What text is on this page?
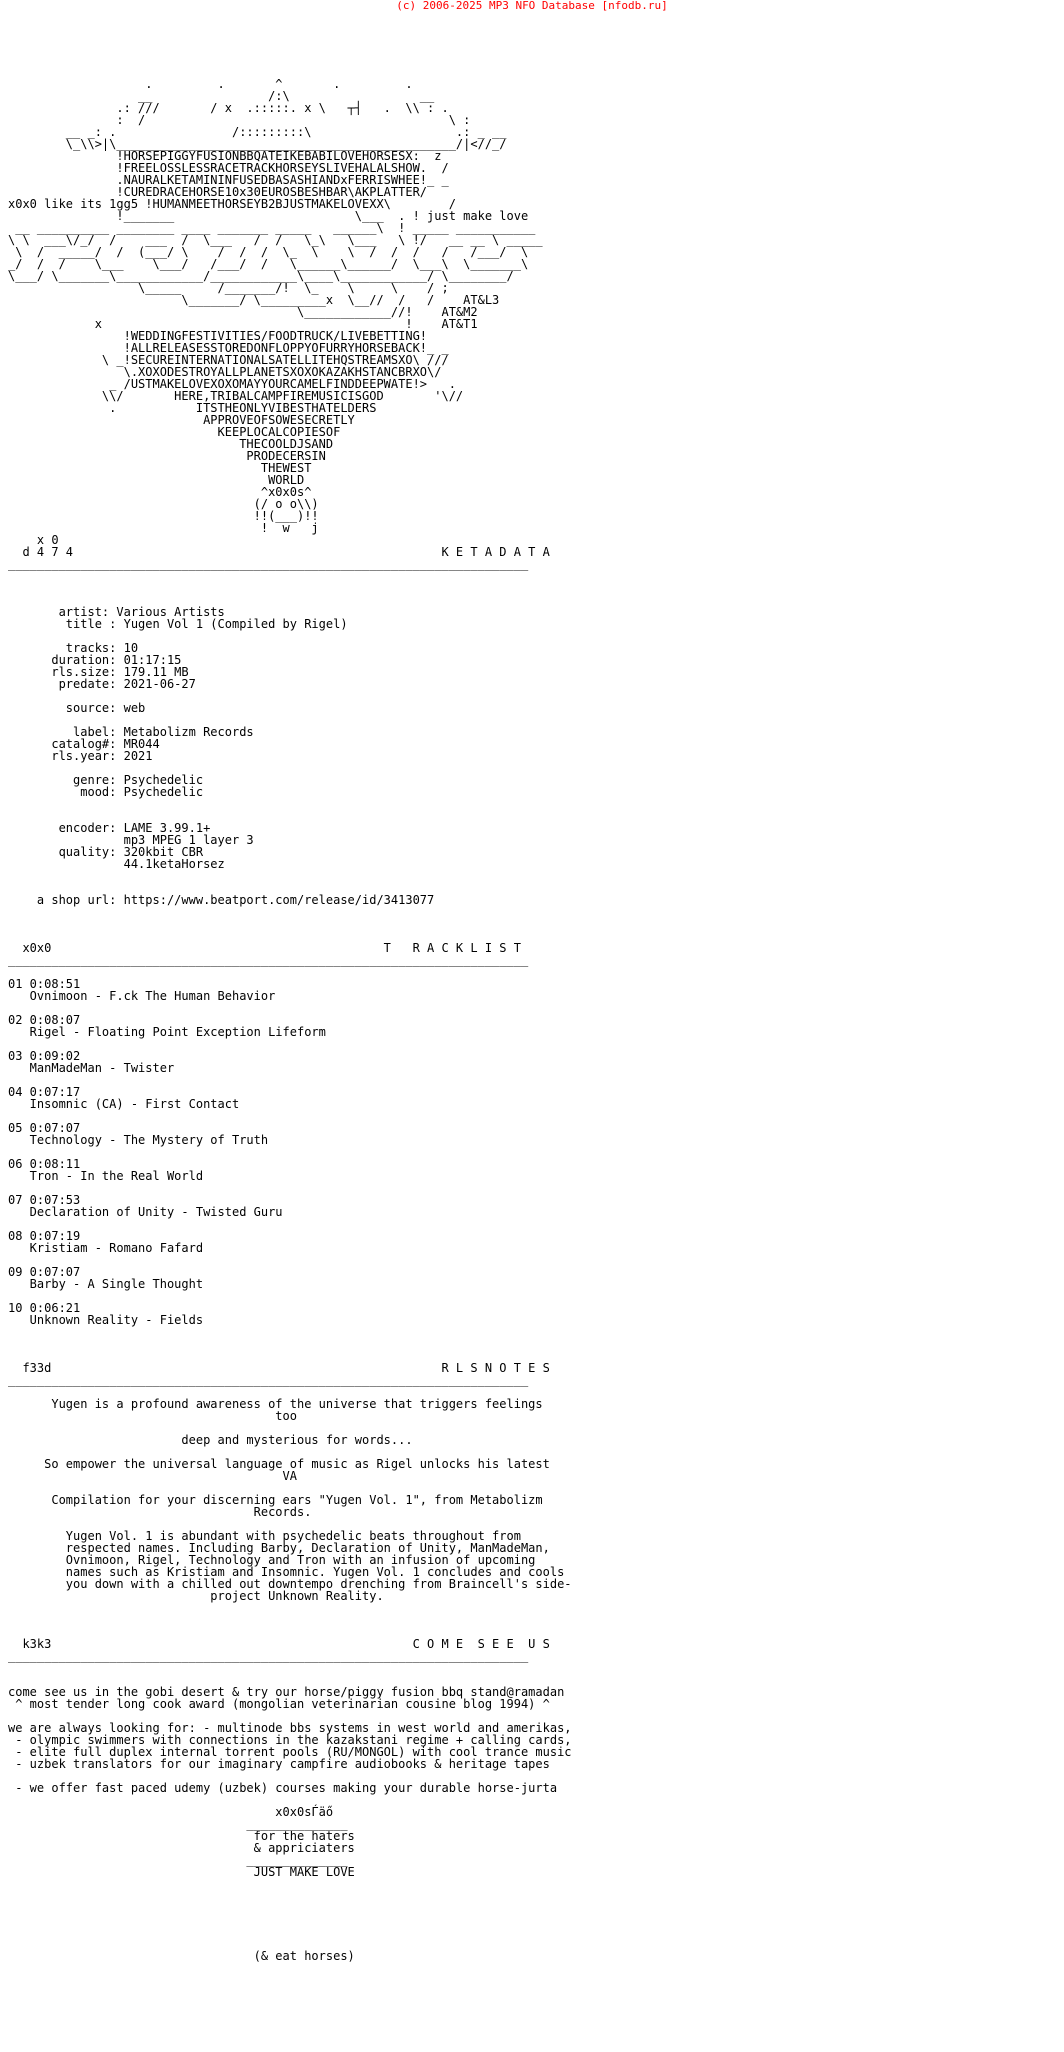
(c) 2006-2025 MP3 NFO Database [nfodb.ru]
.         .       ^       .         .
__                /:\                  __
.: ///       / x  .:::::. x \   ┬┤   .  \\ : .
:  /                                          \ :
__ _: .                /:::::::::\                    .: _ __
\_\\>|\_______________________________________________/|<//_/
!HORSEPIGGYFUSIONBBQATEIKEBABILOVEHORSESX:  z
!FREELOSSLESSRACETRACKHORSEYSLIVEHALALSHOW.  /
.NAURALKETAMININFUSEDBASASHIANDxFERRISWHEE!_ _
!CUREDRACEHORSE10x30EUROSBESHBAR\AKPLATTER/
x0x0 like its 1gg5 !HUMANMEETHORSEYB2BJUSTMAKELOVEXX\        /
!_______                         \___  . ! just make love
__ __________ ________ ____ _______ _____   ______\  ! _____ ___________
\ \  ___\/_/  /    ___  /  \___   /  /   \_\   \___   \ !/   __ __ \ _____
\  /  _____/  /  (___/ \    /  /  /  \_  \    \  /  /  /   /   /___/  \
_/  /  /    \___    \___/   /___/  /   \______\______/  \___\  \_______\
\___/ \_______\____________/____________\____\____________/ \________/
\_____     /_______/!  \_    \     \    / ;
\_______/ \_________x  \__//  /   /    AT&L3
\____________//!    AT&M2
x                                          !    AT&T1
!WEDDINGFESTIVITIES/FOODTRUCK/LIVEBETTING!
!ALLRELEASESSTOREDONFLOPPYOFURRYHORSEBACK!_ _
\ _!SECUREINTERNATIONALSATELLITEHQSTREAMSXO\ ///
\.XOXODESTROYALLPLANETSXOXOKAZAKHSTANCBRXO\/
_ /USTMAKELOVEXOXOMAYYOURCAMELFINDDEEPWATE!>   .
\\/       HERE,TRIBALCAMPFIREMUSICISGOD       '\//
.           ITSTHEONLYVIBESTHATELDERS
APPROVEOFSOWESECRETLY
KEEPLOCALCOPIESOF
THECOOLDJSAND
PRODECERSIN
THEWEST
WORLD
^x0x0s^
(/ o o\\)
!!(___)!!
!  w   j
x 0
d 4 7 4                                                   K E T A D A T A
________________________________________________________________________

artist: Various Artists
title : Yugen Vol 1 (Compiled by Rigel)

tracks: 10
duration: 01:17:15
rls.size: 179.11 MB
predate: 2021-06-27

source: web

label: Metabolizm Records
catalog#: MR044
rls.year: 2021

genre: Psychedelic
mood: Psychedelic

encoder: LAME 3.99.1+
mp3 MPEG 1 layer 3
quality: 320kbit CBR
44.1ketaHorsez

a shop url: https://www.beatport.com/release/id/3413077

x0x0                                              T   R A C K L I S T
________________________________________________________________________

01 0:08:51
Ovnimoon - F.ck The Human Behavior

02 0:08:07
Rigel - Floating Point Exception Lifeform

03 0:09:02
ManMadeMan - Twister

04 0:07:17
Insomnic (CA) - First Contact

05 0:07:07
Technology - The Mystery of Truth

06 0:08:11
Tron - In the Real World

07 0:07:53
Declaration of Unity - Twisted Guru

08 0:07:19
Kristiam - Romano Fafard

09 0:07:07
Barby - A Single Thought

10 0:06:21
Unknown Reality - Fields

f33d                                                      R L S N O T E S
________________________________________________________________________

Yugen is a profound awareness of the universe that triggers feelings
too

deep and mysterious for words...

So empower the universal language of music as Rigel unlocks his latest
VA

Compilation for your discerning ears "Yugen Vol. 1", from Metabolizm
Records.

Yugen Vol. 1 is abundant with psychedelic beats throughout from
respected names. Including Barby, Declaration of Unity, ManMadeMan,
Ovnimoon, Rigel, Technology and Tron with an infusion of upcoming
names such as Kristiam and Insomnic. Yugen Vol. 1 concludes and cools
you down with a chilled out downtempo drenching from Braincell's side-
project Unknown Reality.

k3k3                                                  C O M E  S E E  U S
________________________________________________________________________

come see us in the gobi desert & try our horse/piggy fusion bbq stand@ramadan
^ most tender long cook award (mongolian veterinarian cousine blog 1994) ^

we are always looking for: - multinode bbs systems in west world and amerikas,
- olympic swimmers with connections in the kazakstani regime + calling cards,
- elite full duplex internal torrent pools (RU/MONGOL) with cool trance music
- uzbek translators for our imaginary campfire audiobooks & heritage tapes

- we offer fast paced udemy (uzbek) courses making your durable horse-jurta

x0x0sЃäő
______________
for the haters
& appriciaters
______________
JUST MAKE LOVE

(& eat horses)
